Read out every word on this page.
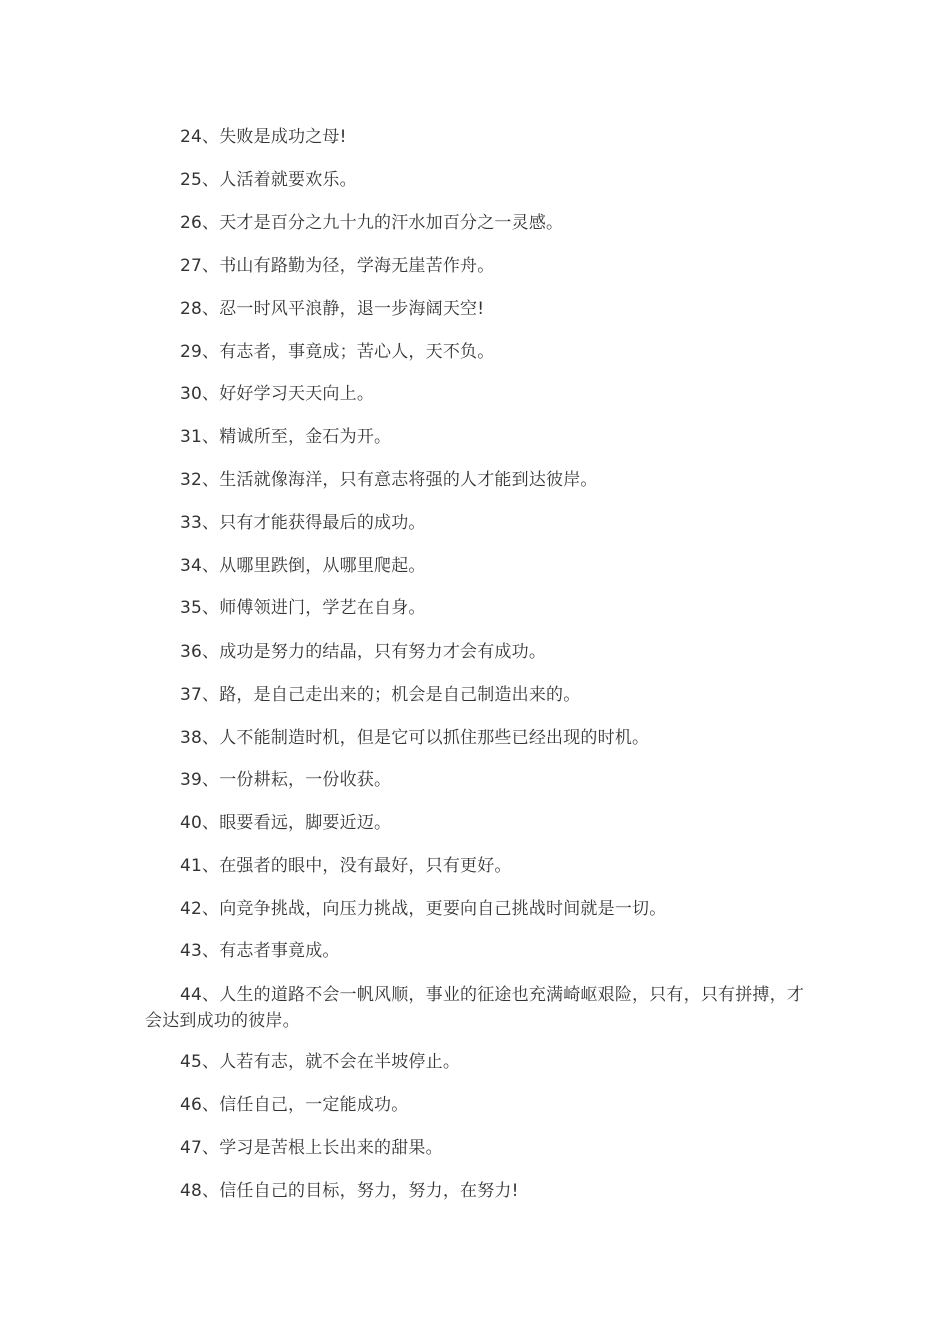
24、失败是成功之母!

25、人活着就要欢乐。

26、天才是百分之九十九的汗水加百分之一灵感。

27、书山有路勤为径，学海无崖苦作舟。

28、忍一时风平浪静，退一步海阔天空!

29、有志者，事竟成；苦心人，天不负。

30、好好学习天天向上。

31、精诚所至，金石为开。

32、生活就像海洋，只有意志将强的人才能到达彼岸。

33、只有才能获得最后的成功。

34、从哪里跌倒，从哪里爬起。

35、师傅领进门，学艺在自身。

36、成功是努力的结晶，只有努力才会有成功。

37、路，是自己走出来的；机会是自己制造出来的。

38、人不能制造时机，但是它可以抓住那些已经出现的时机。

39、一份耕耘，一份收获。

40、眼要看远，脚要近迈。

41、在强者的眼中，没有最好，只有更好。

42、向竞争挑战，向压力挑战，更要向自己挑战时间就是一切。

43、有志者事竟成。

44、人生的道路不会一帆风顺，事业的征途也充满崎岖艰险，只有，只有拼搏，才会达到成功的彼岸。

45、人若有志，就不会在半坡停止。

46、信任自己，一定能成功。

47、学习是苦根上长出来的甜果。

48、信任自己的目标，努力，努力，在努力!
